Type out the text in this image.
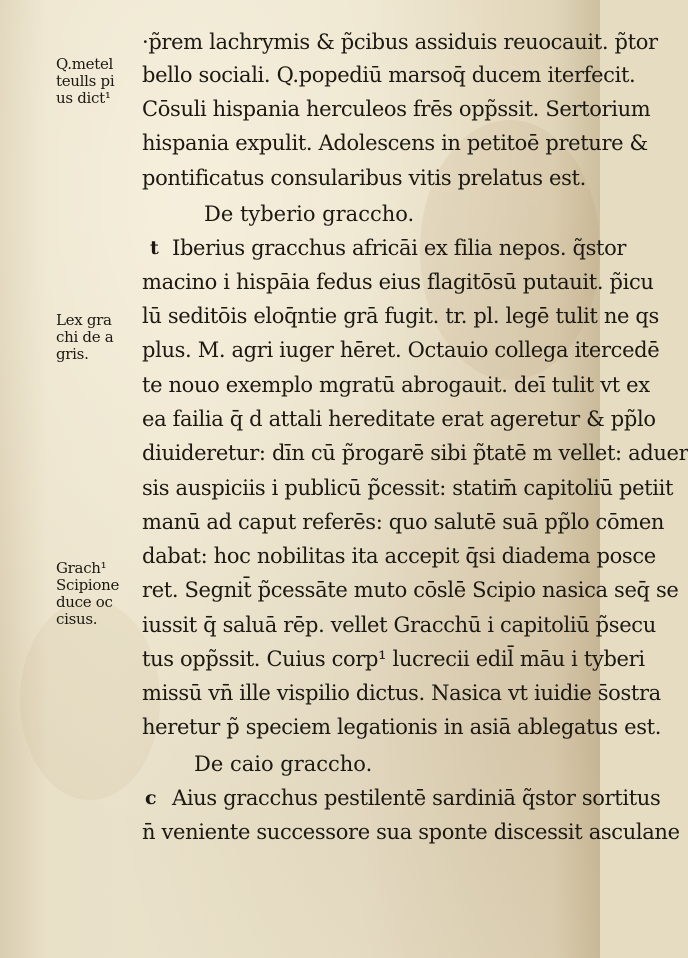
Q.metel
teulls pi
us dict¹
Lex gra
chi de a
gris.
Grach¹
Scipione
duce oc
cisus.
·p̃rem lachrymis & p̃cibus assiduis reuocauit. p̃tor
bello sociali. Q.popediū marsoq̄ ducem iterfecit.
Cōsuli hispania herculeos frēs opp̃ssit. Sertorium
hispania expulit. Adolescens in petitoē preture &
pontificatus consularibus vitis prelatus est.
De tyberio graccho.
t Iberius gracchus africāi ex filia nepos. q̃stor
macino i hispāia fedus eius flagitōsū putauit. p̃icu
lū seditōis eloq̄ntie grā fugit. tr. pl. legē tulit ne qs
plus. M. agri iuger hēret. Octauio collega itercedē
te nouo exemplo mgratū abrogauit. deī tulit vt ex
ea failia q̄ d attali hereditate erat ageretur & pp̃lo
diuideretur: dīn cū p̃rogarē sibi p̃tatē m vellet: aduer
sis auspiciis i publicū p̃cessit: statim̄ capitoliū petiit
manū ad caput referēs: quo salutē suā pp̃lo cōmen
dabat: hoc nobilitas ita accepit q̄si diadema posce
ret. Segnit̄ p̃cessāte muto cōslē Scipio nasica seq̄ se
iussit q̄ saluā rēp. vellet Gracchū i capitoliū p̃secu
tus opp̃ssit. Cuius corp¹ lucrecii edil̄ māu i tyberi
missū vn̄ ille vispilio dictus. Nasica vt iuidie s̄ostra
heretur p̃ speciem legationis in asiā ablegatus est.
De caio graccho.
c Aius gracchus pestilentē sardiniā q̃stor sortitus
n̄ veniente successore sua sponte discessit asculane
